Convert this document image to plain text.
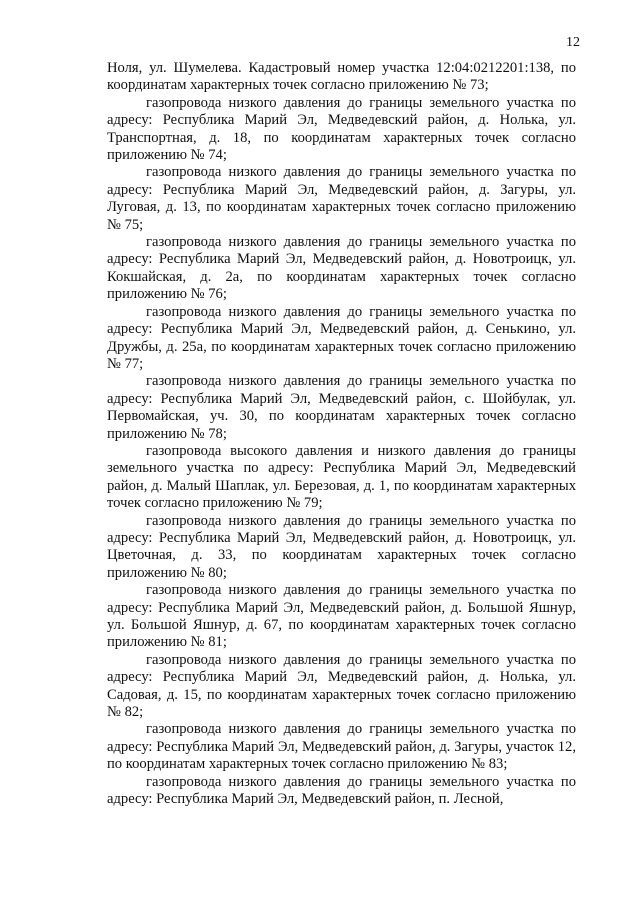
12

Ноля, ул. Шумелева. Кадастровый номер участка 12:04:0212201:138, по координатам характерных точек согласно приложению № 73;

газопровода низкого давления до границы земельного участка по адресу: Республика Марий Эл, Медведевский район, д. Нолька, ул. Транспортная, д. 18, по координатам характерных точек согласно приложению № 74;

газопровода низкого давления до границы земельного участка по адресу: Республика Марий Эл, Медведевский район, д. Загуры, ул. Луговая, д. 13, по координатам характерных точек согласно приложению № 75;

газопровода низкого давления до границы земельного участка по адресу: Республика Марий Эл, Медведевский район, д. Новотроицк, ул. Кокшайская, д. 2а, по координатам характерных точек согласно приложению № 76;

газопровода низкого давления до границы земельного участка по адресу: Республика Марий Эл, Медведевский район, д. Сенькино, ул. Дружбы, д. 25а, по координатам характерных точек согласно приложению № 77;

газопровода низкого давления до границы земельного участка по адресу: Республика Марий Эл, Медведевский район, с. Шойбулак, ул. Первомайская, уч. 30, по координатам характерных точек согласно приложению № 78;

газопровода высокого давления и низкого давления до границы земельного участка по адресу: Республика Марий Эл, Медведевский район, д. Малый Шаплак, ул. Березовая, д. 1, по координатам характерных точек согласно приложению № 79;

газопровода низкого давления до границы земельного участка по адресу: Республика Марий Эл, Медведевский район, д. Новотроицк, ул. Цветочная, д. 33, по координатам характерных точек согласно приложению № 80;

газопровода низкого давления до границы земельного участка по адресу: Республика Марий Эл, Медведевский район, д. Большой Яшнур, ул. Большой Яшнур, д. 67, по координатам характерных точек согласно приложению № 81;

газопровода низкого давления до границы земельного участка по адресу: Республика Марий Эл, Медведевский район, д. Нолька, ул. Садовая, д. 15, по координатам характерных точек согласно приложению № 82;

газопровода низкого давления до границы земельного участка по адресу: Республика Марий Эл, Медведевский район, д. Загуры, участок 12, по координатам характерных точек согласно приложению № 83;

газопровода низкого давления до границы земельного участка по адресу: Республика Марий Эл, Медведевский район, п. Лесной,
